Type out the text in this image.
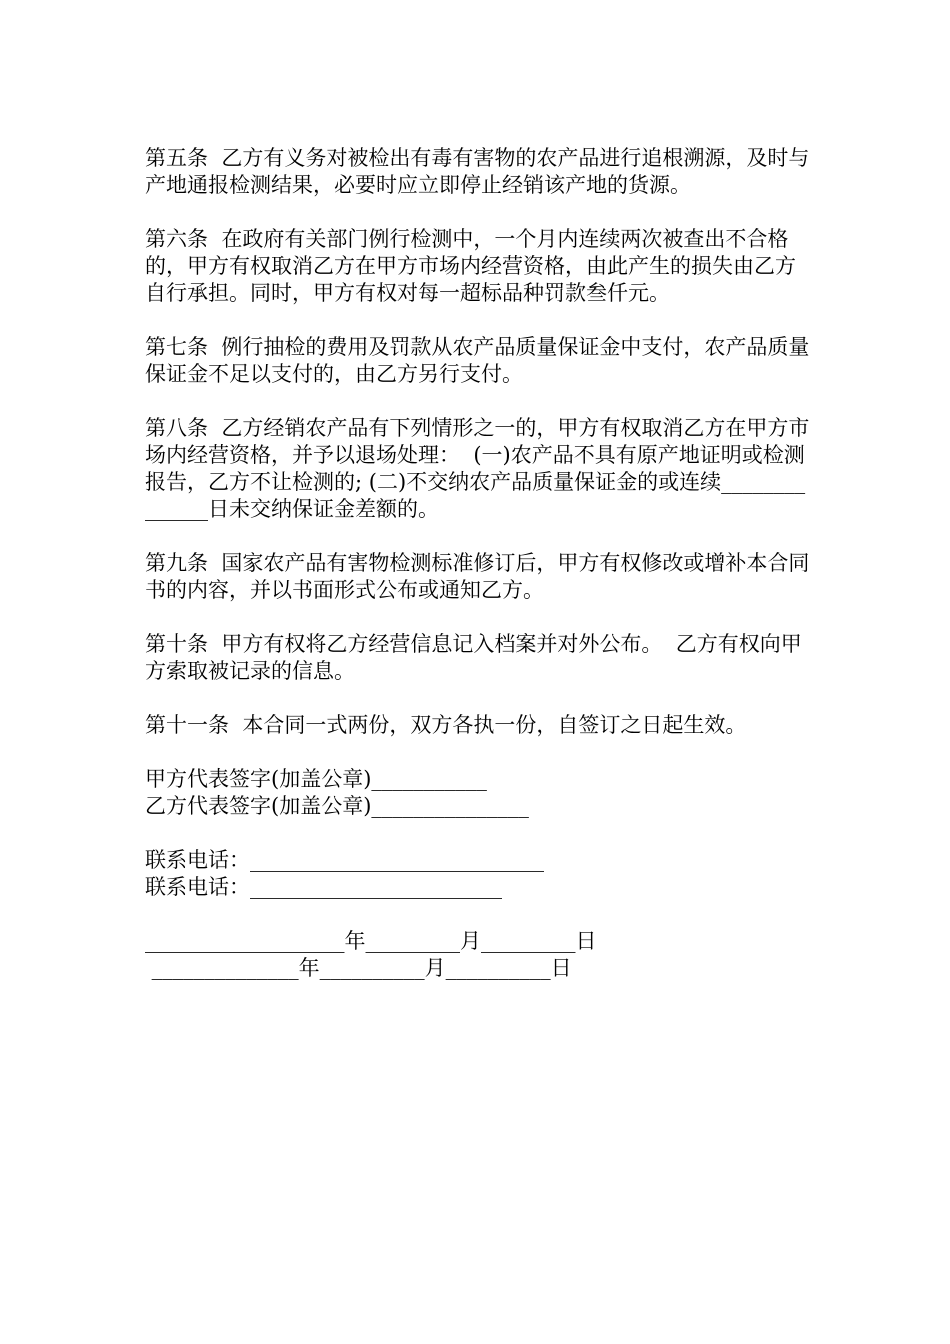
第五条  乙方有义务对被检出有毒有害物的农产品进行追根溯源，及时与产地通报检测结果，必要时应立即停止经销该产地的货源。

第六条  在政府有关部门例行检测中，一个月内连续两次被查出不合格的，甲方有权取消乙方在甲方市场内经营资格，由此产生的损失由乙方自行承担。同时，甲方有权对每一超标品种罚款叁仟元。

第七条  例行抽检的费用及罚款从农产品质量保证金中支付，农产品质量保证金不足以支付的，由乙方另行支付。

第八条  乙方经销农产品有下列情形之一的，甲方有权取消乙方在甲方市场内经营资格，并予以退场处理：  (一)农产品不具有原产地证明或检测报告，乙方不让检测的; (二)不交纳农产品质量保证金的或连续______________日未交纳保证金差额的。

第九条  国家农产品有害物检测标准修订后，甲方有权修改或增补本合同书的内容，并以书面形式公布或通知乙方。

第十条  甲方有权将乙方经营信息记入档案并对外公布。  乙方有权向甲方索取被记录的信息。

第十一条  本合同一式两份，双方各执一份，自签订之日起生效。

甲方代表签字(加盖公章)___________
乙方代表签字(加盖公章)_______________
联系电话：____________________________
联系电话：________________________
___________________年_________月_________日
______________年__________月__________日
